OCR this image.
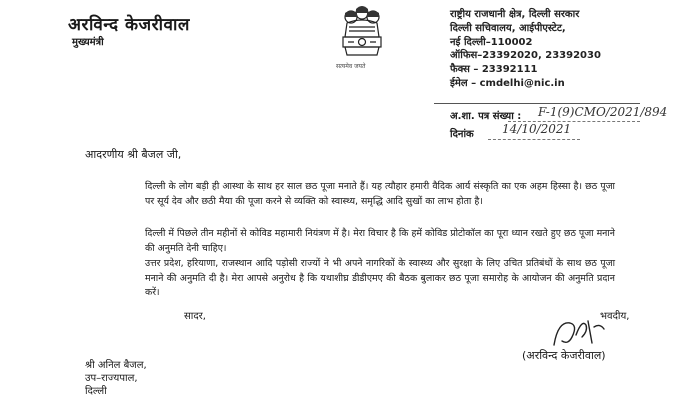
अरविन्द केजरीवाल
मुख्यमंत्री
सत्यमेव जयते
राष्ट्रीय राजधानी क्षेत्र, दिल्ली सरकार
दिल्ली सचिवालय, आईपीएस्टेट,
नई दिल्ली–110002
ऑफिस–23392020, 23392030
फैक्स – 23392111
ईमेल – cmdelhi@nic.in
अ.शा. पत्र संख्या : F-1(9)CMO/2021/894
दिनांक 14/10/2021
आदरणीय श्री बैजल जी,
दिल्ली के लोग बड़ी ही आस्था के साथ हर साल छठ पूजा मनाते हैं। यह त्यौहार हमारी वैदिक आर्य संस्कृति का एक अहम हिस्सा है। छठ पूजा पर सूर्य देव और छठी मैया की पूजा करने से व्यक्ति को स्वास्थ्य, समृद्धि आदि सुखों का लाभ होता है।
दिल्ली में पिछले तीन महीनों से कोविड महामारी नियंत्रण में है। मेरा विचार है कि हमें कोविड प्रोटोकॉल का पूरा ध्यान रखते हुए छठ पूजा मनाने की अनुमति देनी चाहिए।
उत्तर प्रदेश, हरियाणा, राजस्थान आदि पड़ोसी राज्यों ने भी अपने नागरिकों के स्वास्थ्य और सुरक्षा के लिए उचित प्रतिबंधों के साथ छठ पूजा मनाने की अनुमति दी है। मेरा आपसे अनुरोध है कि यथाशीघ्र डीडीएमए की बैठक बुलाकर छठ पूजा समारोह के आयोजन की अनुमति प्रदान करें।
सादर,	भवदीय,
(अरविन्द केजरीवाल)
श्री अनिल बैजल,
उप–राज्यपाल,
दिल्ली
